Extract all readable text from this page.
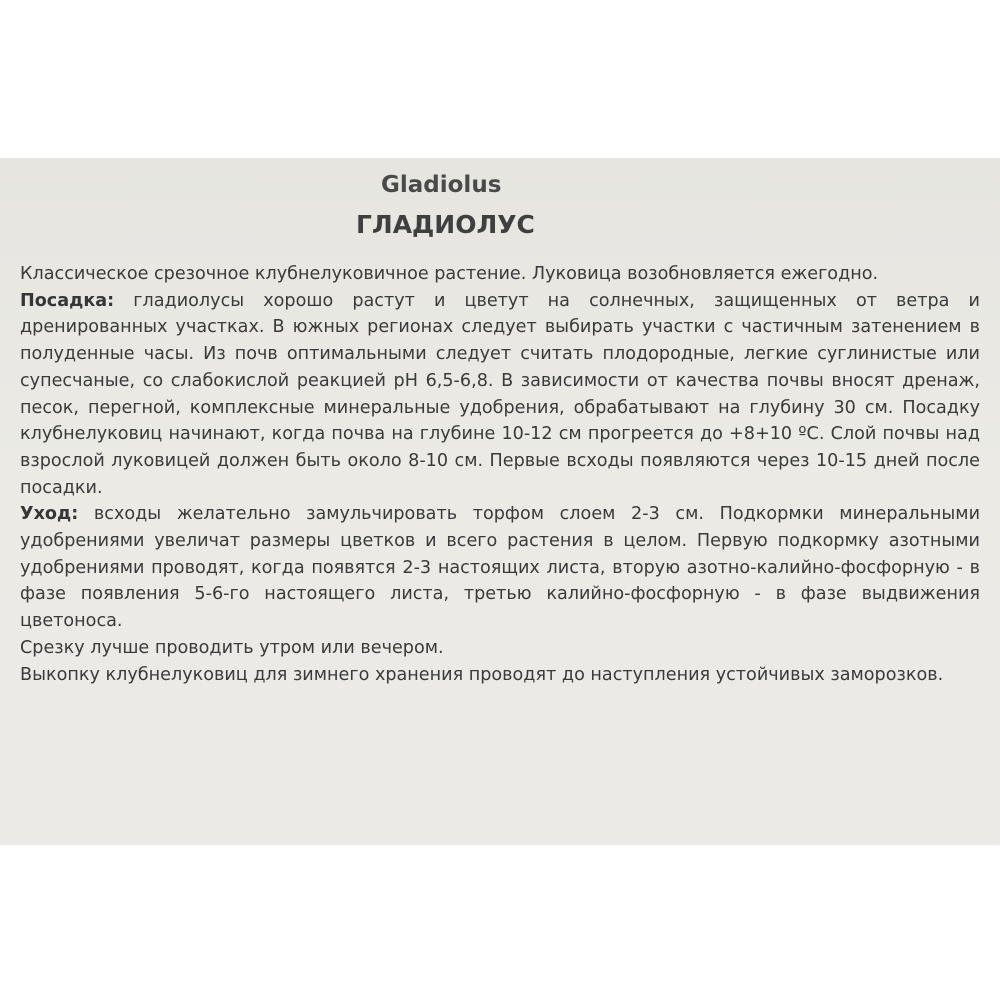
Gladiolus
ГЛАДИОЛУС

Классическое срезочное клубнелуковичное растение. Луковица возобновляется ежегодно.

Посадка: гладиолусы хорошо растут и цветут на солнечных, защищенных от ветра и дренированных участках. В южных регионах следует выбирать участки с частичным затенением в полуденные часы. Из почв оптимальными следует считать плодородные, легкие суглинистые или супесчаные, со слабокислой реакцией pH 6,5-6,8. В зависимости от качества почвы вносят дренаж, песок, перегной, комплексные минеральные удобрения, обрабатывают на глубину 30 см. Посадку клубнелуковиц начинают, когда почва на глубине 10-12 см прогреется до +8+10 ºС. Слой почвы над взрослой луковицей должен быть около 8-10 см. Первые всходы появляются через 10-15 дней после посадки.

Уход: всходы желательно замульчировать торфом слоем 2-3 см. Подкормки минеральными удобрениями увеличат размеры цветков и всего растения в целом. Первую подкормку азотными удобрениями проводят, когда появятся 2-3 настоящих листа, вторую азотно-калийно-фосфорную - в фазе появления 5-6-го настоящего листа, третью калийно-фосфорную - в фазе выдвижения цветоноса.

Срезку лучше проводить утром или вечером.

Выкопку клубнелуковиц для зимнего хранения проводят до наступления устойчивых заморозков.
